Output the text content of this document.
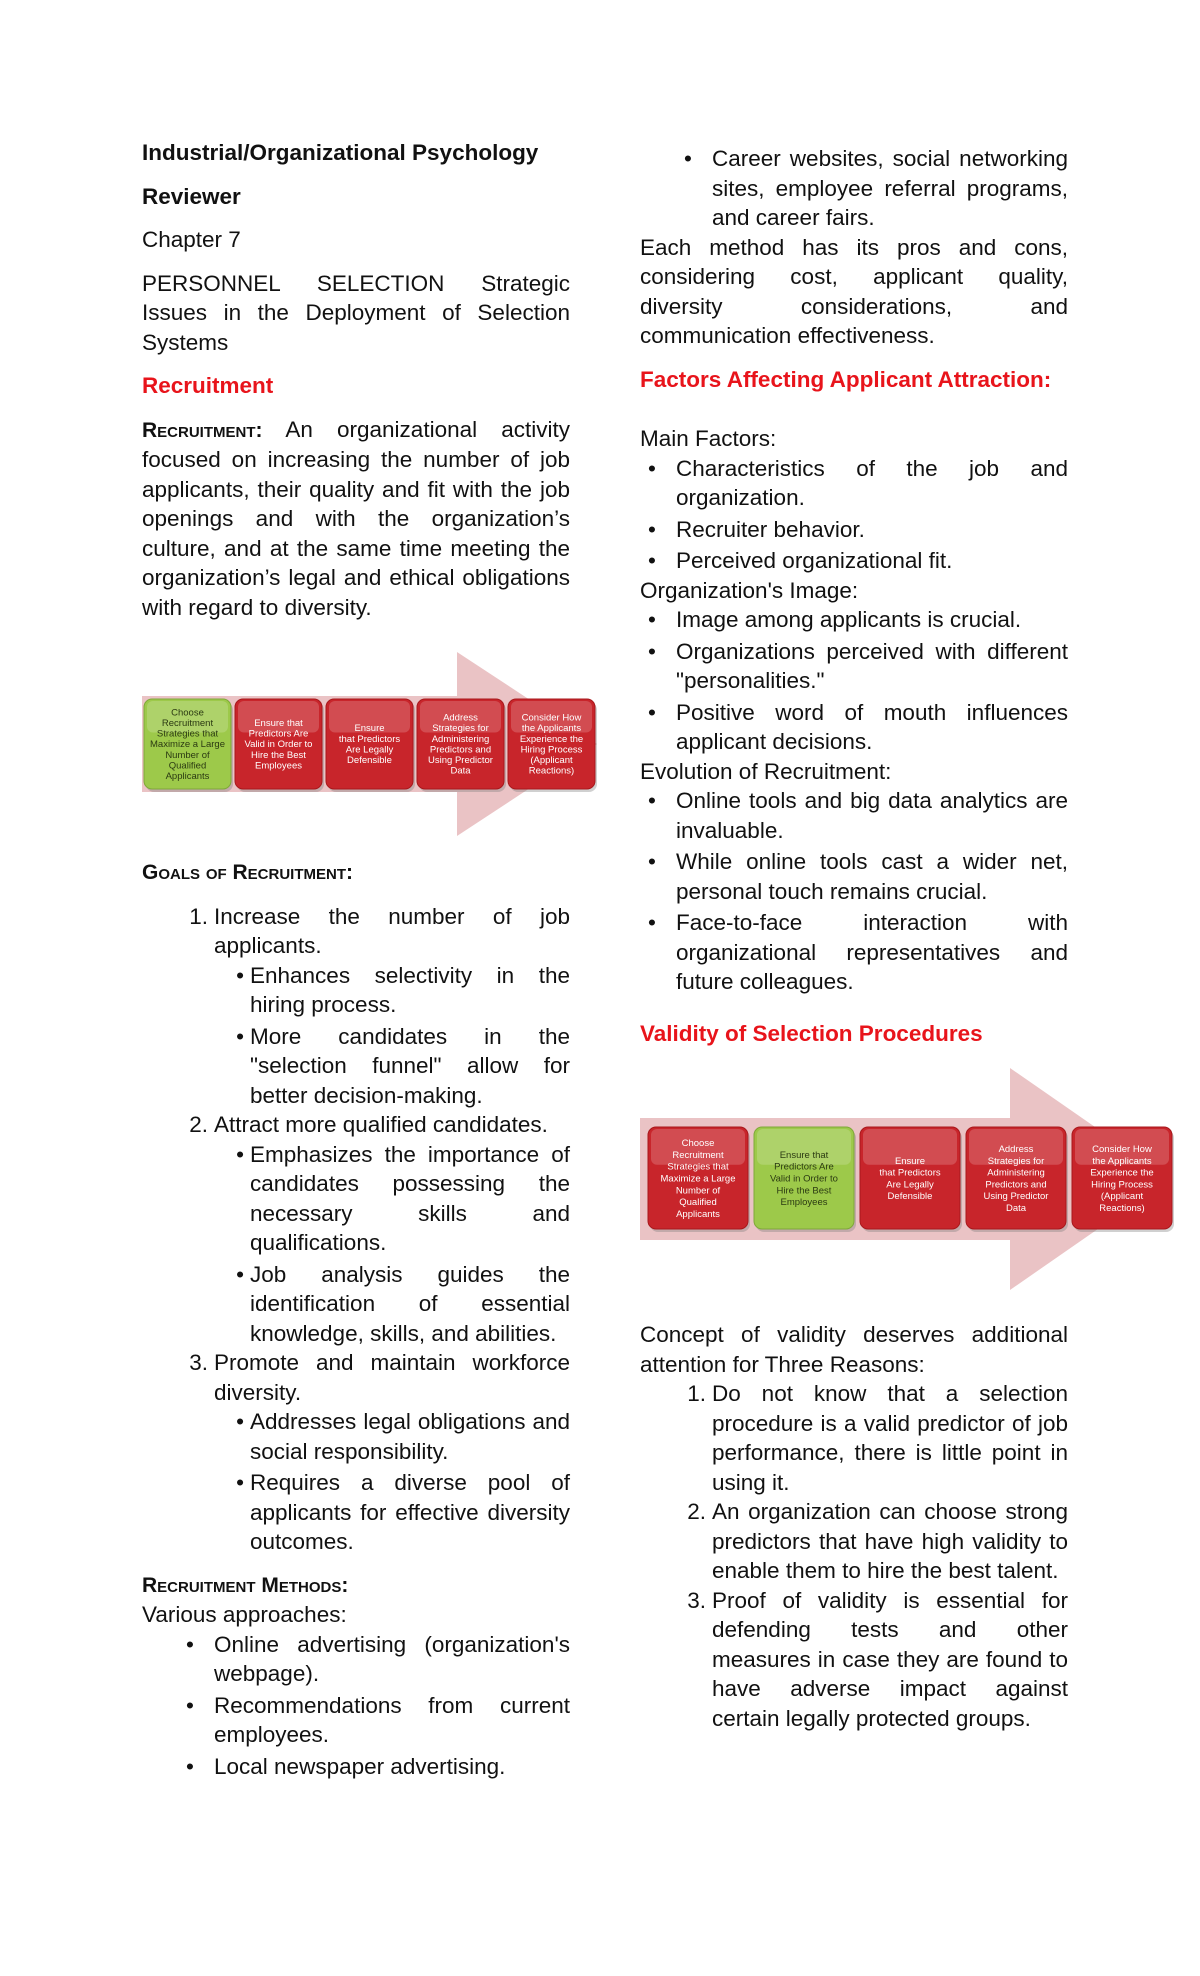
Industrial/Organizational Psychology

Reviewer

Chapter 7

PERSONNEL SELECTION Strategic Issues in the Deployment of Selection Systems

Recruitment

Recruitment: An organizational activity focused on increasing the number of job applicants, their quality and fit with the job openings and with the organization’s culture, and at the same time meeting the organization’s legal and ethical obligations with regard to diversity.

Choose
Recruitment
Strategies that
Maximize a Large
Number of
Qualified
Applicants
Ensure that
Predictors Are
Valid in Order to
Hire the Best
Employees
Ensure
that Predictors
Are Legally
Defensible
Address
Strategies for
Administering
Predictors and
Using Predictor
Data
Consider How
the Applicants
Experience the
Hiring Process
(Applicant
Reactions)

Goals of Recruitment:

1. Increase the number of job applicants.
• Enhances selectivity in the hiring process.
• More candidates in the "selection funnel" allow for better decision-making.
2. Attract more qualified candidates.
• Emphasizes the importance of candidates possessing the necessary skills and qualifications.
• Job analysis guides the identification of essential knowledge, skills, and abilities.
3. Promote and maintain workforce diversity.
• Addresses legal obligations and social responsibility.
• Requires a diverse pool of applicants for effective diversity outcomes.

Recruitment Methods:

Various approaches:

• Online advertising (organization's webpage).
• Recommendations from current employees.
• Local newspaper advertising.
• Career websites, social networking sites, employee referral programs, and career fairs.

Each method has its pros and cons, considering cost, applicant quality, diversity considerations, and communication effectiveness.

Factors Affecting Applicant Attraction:

Main Factors:

• Characteristics of the job and organization.
• Recruiter behavior.
• Perceived organizational fit.

Organization's Image:

• Image among applicants is crucial.
• Organizations perceived with different "personalities."
• Positive word of mouth influences applicant decisions.

Evolution of Recruitment:

• Online tools and big data analytics are invaluable.
• While online tools cast a wider net, personal touch remains crucial.
• Face-to-face interaction with organizational representatives and future colleagues.

Validity of Selection Procedures

Choose
Recruitment
Strategies that
Maximize a Large
Number of
Qualified
Applicants
Ensure that
Predictors Are
Valid in Order to
Hire the Best
Employees
Ensure
that Predictors
Are Legally
Defensible
Address
Strategies for
Administering
Predictors and
Using Predictor
Data
Consider How
the Applicants
Experience the
Hiring Process
(Applicant
Reactions)

Concept of validity deserves additional attention for Three Reasons:

1. Do not know that a selection procedure is a valid predictor of job performance, there is little point in using it.
2. An organization can choose strong predictors that have high validity to enable them to hire the best talent.
3. Proof of validity is essential for defending tests and other measures in case they are found to have adverse impact against certain legally protected groups.
